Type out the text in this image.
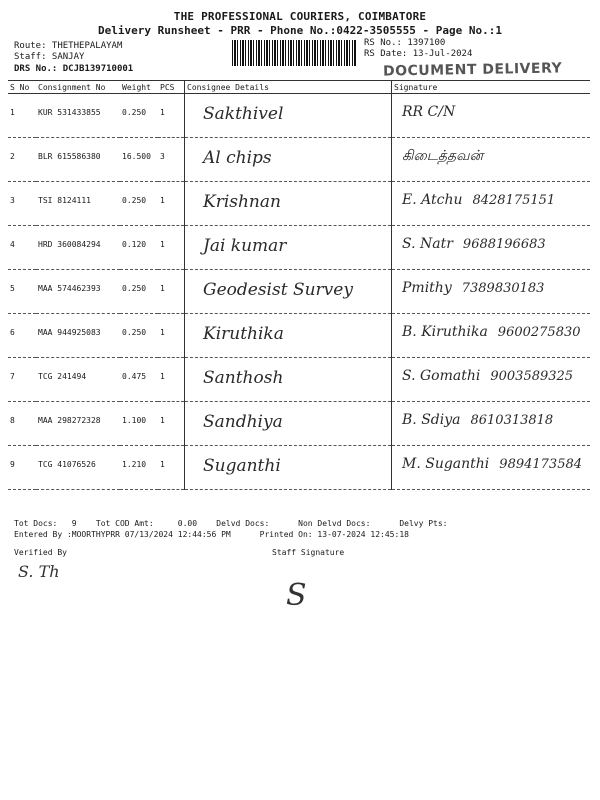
THE PROFESSIONAL COURIERS, COIMBATORE
Delivery Runsheet - PRR - Phone No.:0422-3505555 - Page No.:1
Route: THETHEPALAYAM
Staff: SANJAY
DRS No.: DCJB139710001
RS No.: 1397100
RS Date: 13-Jul-2024
DOCUMENT DELIVERY
S No	Consignment No	Weight	PCS	Consignee Details	Signature
1	KUR 531433855	0.250	1	Sakthivel	RR C/N
2	BLR 615586380	16.500	3	Al chips	கிடைத்தவன்
3	TSI 8124111	0.250	1	Krishnan	E. Atchu 8428175151
4	HRD 360084294	0.120	1	Jai kumar	S. Natr 9688196683
5	MAA 574462393	0.250	1	Geodesist Survey	Pmithy 7389830183
6	MAA 944925083	0.250	1	Kiruthika	B. Kiruthika 9600275830
7	TCG 241494	0.475	1	Santhosh	S. Gomathi 9003589325
8	MAA 298272328	1.100	1	Sandhiya	B. Sdiya 8610313818
9	TCG 41076526	1.210	1	Suganthi	M. Suganthi 9894173584
Tot Docs:   9    Tot COD Amt:     0.00    Delvd Docs:      Non Delvd Docs:      Delvy Pts:
Entered By :MOORTHYPRR 07/13/2024 12:44:56 PM      Printed On: 13-07-2024 12:45:18
Verified By
S. Th
Staff Signature
S
